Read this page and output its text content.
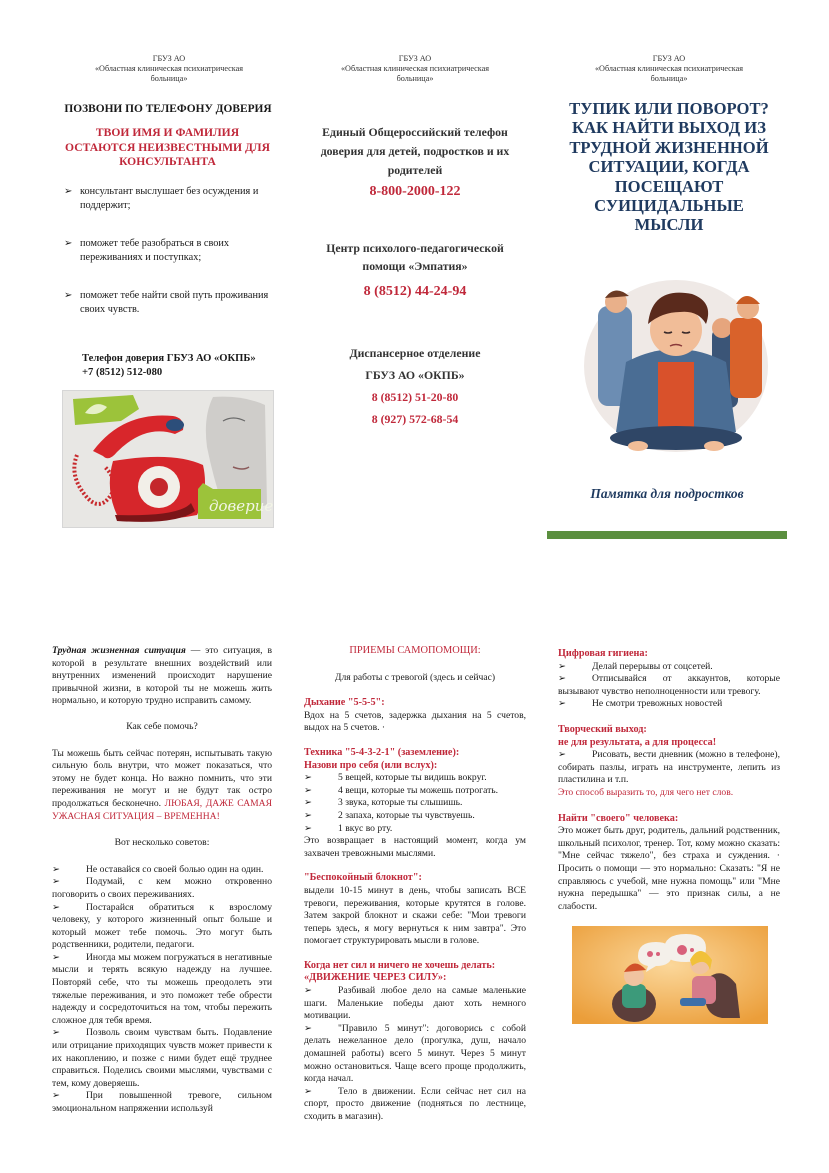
ГБУЗ АО
«Областная клиническая психиатрическая
больница»
ПОЗВОНИ ПО ТЕЛЕФОНУ ДОВЕРИЯ
ТВОИ ИМЯ И ФАМИЛИЯ ОСТАЮТСЯ НЕИЗВЕСТНЫМИ ДЛЯ КОНСУЛЬТАНТА
➢ консультант выслушает без осуждения и поддержит;
➢ поможет тебе разобраться в своих переживаниях и поступках;
➢ поможет тебе найти свой путь проживания своих чувств.
Телефон доверия ГБУЗ АО «ОКПБ»
+7 (8512) 512-080
доверие
ГБУЗ АО
«Областная клиническая психиатрическая
больница»
Единый Общероссийский телефон доверия для детей, подростков и их родителей
8-800-2000-122
Центр психолого-педагогической помощи «Эмпатия»
8 (8512) 44-24-94
Диспансерное отделение
ГБУЗ АО «ОКПБ»
8 (8512) 51-20-80
8 (927) 572-68-54
ГБУЗ АО
«Областная клиническая психиатрическая
больница»
ТУПИК ИЛИ ПОВОРОТ? КАК НАЙТИ ВЫХОД ИЗ ТРУДНОЙ ЖИЗНЕННОЙ СИТУАЦИИ, КОГДА ПОСЕЩАЮТ СУИЦИДАЛЬНЫЕ МЫСЛИ
Памятка для подростков

Трудная жизненная ситуация — это ситуация, в которой в результате внешних воздействий или внутренних изменений происходит нарушение привычной жизни, в которой ты не можешь жить нормально, и которую трудно исправить самому.

Как себе помочь?

Ты можешь быть сейчас потерян, испытывать такую сильную боль внутри, что может показаться, что этому не будет конца. Но важно помнить, что эти переживания не могут и не будут так остро продолжаться бесконечно. ЛЮБАЯ, ДАЖЕ САМАЯ УЖАСНАЯ СИТУАЦИЯ – ВРЕМЕННА!

Вот несколько советов:

➢	Не оставайся со своей болью один на один.

➢	Подумай, с кем можно откровенно поговорить о своих переживаниях.

➢	Постарайся обратиться к взрослому человеку, у которого жизненный опыт больше и который может тебе помочь. Это могут быть родственники, родители, педагоги.

➢	Иногда мы можем погружаться в негативные мысли и терять всякую надежду на лучшее. Повторяй себе, что ты можешь преодолеть эти тяжелые переживания, и это поможет тебе обрести надежду и сосредоточиться на том, чтобы пережить сложное для тебя время.

➢	Позволь своим чувствам быть. Подавление или отрицание приходящих чувств может привести к их накоплению, и позже с ними будет ещё труднее справиться. Поделись своими мыслями, чувствами с тем, кому доверяешь.

➢	При повышенной тревоге, сильном эмоциональном напряжении используй

ПРИЕМЫ САМОПОМОЩИ:

Для работы с тревогой (здесь и сейчас)

Дыхание "5-5-5":

Вдох на 5 счетов, задержка дыхания на 5 счетов, выдох на 5 счетов. ·

Техника "5-4-3-2-1" (заземление):

Назови про себя (или вслух):

➢	5 вещей, которые ты видишь вокруг.

➢	4 вещи, которые ты можешь потрогать.

➢	3 звука, которые ты слышишь.

➢	2 запаха, которые ты чувствуешь.

➢	1 вкус во рту.

Это возвращает в настоящий момент, когда ум захвачен тревожными мыслями.

"Беспокойный блокнот":

выдели 10-15 минут в день, чтобы записать ВСЕ тревоги, переживания, которые крутятся в голове. Затем закрой блокнот и скажи себе: "Мои тревоги теперь здесь, я могу вернуться к ним завтра". Это помогает структурировать мысли в голове.

Когда нет сил и ничего не хочешь делать:

«ДВИЖЕНИЕ ЧЕРЕЗ СИЛУ»:

➢	Разбивай любое дело на самые маленькие шаги. Маленькие победы дают хоть немного мотивации.

➢	"Правило 5 минут": договорись с собой делать нежеланное дело (прогулка, душ, начало домашней работы) всего 5 минут. Через 5 минут можно остановиться. Чаще всего проще продолжить, когда начал.

➢	Тело в движении. Если сейчас нет сил на спорт, просто движение (подняться по лестнице, сходить в магазин).

Цифровая гигиена:

➢	Делай перерывы от соцсетей.

➢	Отписывайся от аккаунтов, которые вызывают чувство неполноценности или тревогу.

➢	Не смотри тревожных новостей

Творческий выход:

не для результата, а для процесса!

➢	Рисовать, вести дневник (можно в телефоне), собирать пазлы, играть на инструменте, лепить из пластилина и т.п.

Это способ выразить то, для чего нет слов.

Найти "своего" человека:

Это может быть друг, родитель, дальний родственник, школьный психолог, тренер. Тот, кому можно сказать: "Мне сейчас тяжело", без страха и суждения. · Просить о помощи — это нормально: Сказать: "Я не справляюсь с учебой, мне нужна помощь" или "Мне нужна передышка" — это признак силы, а не слабости.
